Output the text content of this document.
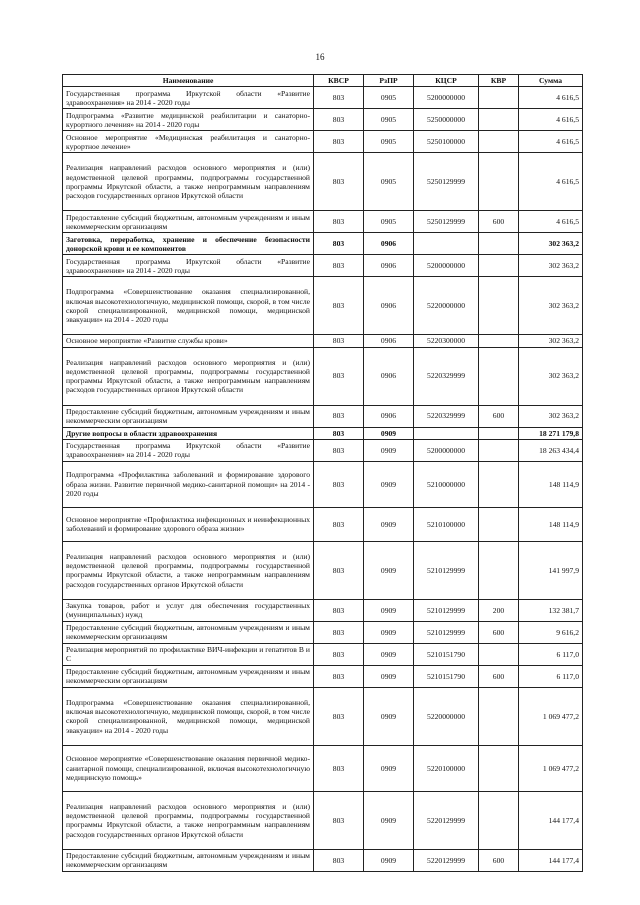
16
Наименование	КВСР	РзПР	КЦСР	КВР	Сумма
Государственная программа Иркутской области «Развитие здравоохранения» на 2014 - 2020 годы	803	0905	5200000000		4 616,5
Подпрограмма «Развитие медицинской реабилитации и санаторно-курортного лечения» на 2014 - 2020 годы	803	0905	5250000000		4 616,5
Основное мероприятие «Медицинская реабилитация и санаторно-курортное лечение»	803	0905	5250100000		4 616,5
Реализация направлений расходов основного мероприятия и (или) ведомственной целевой программы, подпрограммы государственной программы Иркутской области, а также непрограммным направлениям расходов государственных органов Иркутской области	803	0905	5250129999		4 616,5
Предоставление субсидий бюджетным, автономным учреждениям и иным некоммерческим организациям	803	0905	5250129999	600	4 616,5
Заготовка, переработка, хранение и обеспечение безопасности донорской крови и ее компонентов	803	0906			302 363,2
Государственная программа Иркутской области «Развитие здравоохранения» на 2014 - 2020 годы	803	0906	5200000000		302 363,2
Подпрограмма «Совершенствование оказания специализированной, включая высокотехнологичную, медицинской помощи, скорой, в том числе скорой специализированной, медицинской помощи, медицинской эвакуации» на 2014 - 2020 годы	803	0906	5220000000		302 363,2
Основное мероприятие «Развитие службы крови»	803	0906	5220300000		302 363,2
Реализация направлений расходов основного мероприятия и (или) ведомственной целевой программы, подпрограммы государственной программы Иркутской области, а также непрограммным направлениям расходов государственных органов Иркутской области	803	0906	5220329999		302 363,2
Предоставление субсидий бюджетным, автономным учреждениям и иным некоммерческим организациям	803	0906	5220329999	600	302 363,2
Другие вопросы в области здравоохранения	803	0909			18 271 179,8
Государственная программа Иркутской области «Развитие здравоохранения» на 2014 - 2020 годы	803	0909	5200000000		18 263 434,4
Подпрограмма «Профилактика заболеваний и формирование здорового образа жизни. Развитие первичной медико-санитарной помощи» на 2014 - 2020 годы	803	0909	5210000000		148 114,9
Основное мероприятие «Профилактика инфекционных и неинфекционных заболеваний и формирование здорового образа жизни»	803	0909	5210100000		148 114,9
Реализация направлений расходов основного мероприятия и (или) ведомственной целевой программы, подпрограммы государственной программы Иркутской области, а также непрограммным направлениям расходов государственных органов Иркутской области	803	0909	5210129999		141 997,9
Закупка товаров, работ и услуг для обеспечения государственных (муниципальных) нужд	803	0909	5210129999	200	132 381,7
Предоставление субсидий бюджетным, автономным учреждениям и иным некоммерческим организациям	803	0909	5210129999	600	9 616,2
Реализация мероприятий по профилактике ВИЧ-инфекции и гепатитов В и С	803	0909	5210151790		6 117,0
Предоставление субсидий бюджетным, автономным учреждениям и иным некоммерческим организациям	803	0909	5210151790	600	6 117,0
Подпрограмма «Совершенствование оказания специализированной, включая высокотехнологичную, медицинской помощи, скорой, в том числе скорой специализированной, медицинской помощи, медицинской эвакуации» на 2014 - 2020 годы	803	0909	5220000000		1 069 477,2
Основное мероприятие «Совершенствование оказания первичной медико-санитарной помощи, специализированной, включая высокотехнологичную медицинскую помощь»	803	0909	5220100000		1 069 477,2
Реализация направлений расходов основного мероприятия и (или) ведомственной целевой программы, подпрограммы государственной программы Иркутской области, а также непрограммным направлениям расходов государственных органов Иркутской области	803	0909	5220129999		144 177,4
Предоставление субсидий бюджетным, автономным учреждениям и иным некоммерческим организациям	803	0909	5220129999	600	144 177,4
